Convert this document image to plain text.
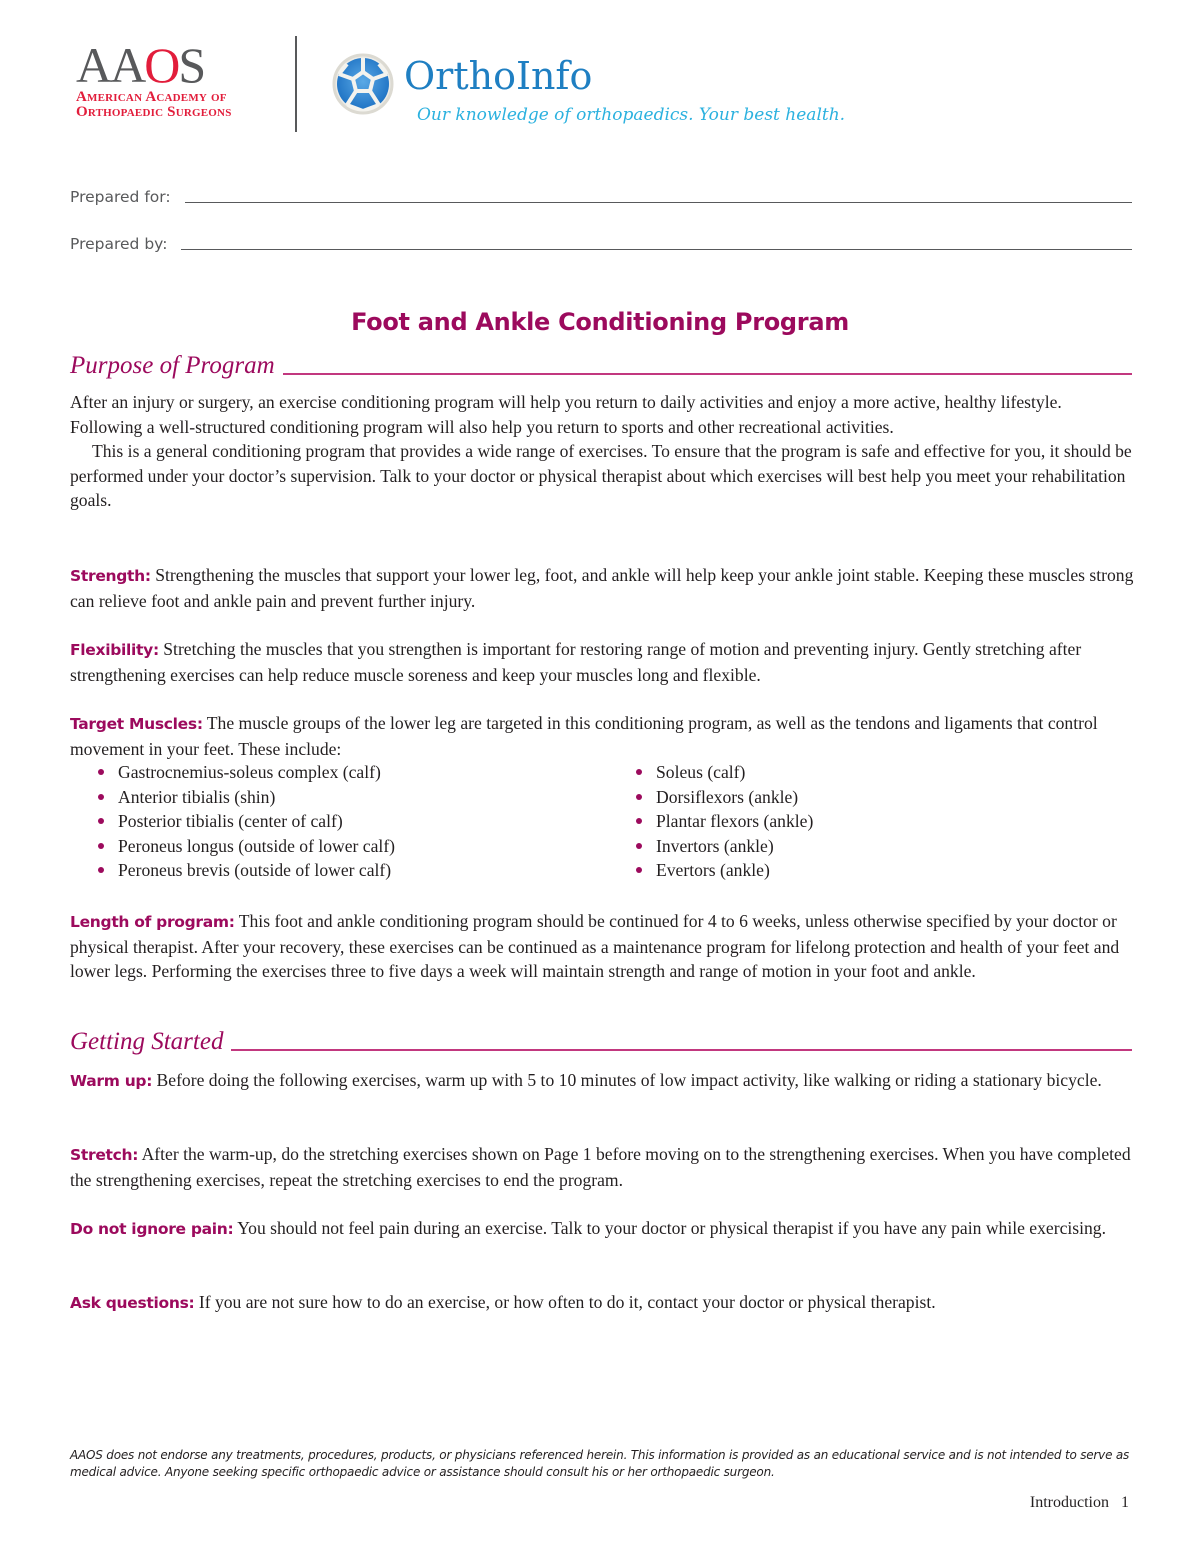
AAOS
American Academy of
Orthopaedic Surgeons
OrthoInfo
Our knowledge of orthopaedics. Your best health.
Prepared for:
Prepared by:
Foot and Ankle Conditioning Program
Purpose of Program

After an injury or surgery, an exercise conditioning program will help you return to daily activities and enjoy a more active, healthy lifestyle. Following a well-structured conditioning program will also help you return to sports and other recreational activities.

This is a general conditioning program that provides a wide range of exercises. To ensure that the program is safe and effective for you, it should be performed under your doctor’s supervision. Talk to your doctor or physical therapist about which exercises will best help you meet your rehabilitation goals.

Strength: Strengthening the muscles that support your lower leg, foot, and ankle will help keep your ankle joint stable. Keeping these muscles strong can relieve foot and ankle pain and prevent further injury.

Flexibility: Stretching the muscles that you strengthen is important for restoring range of motion and preventing injury. Gently stretching after strengthening exercises can help reduce muscle soreness and keep your muscles long and flexible.

Target Muscles: The muscle groups of the lower leg are targeted in this conditioning program, as well as the tendons and ligaments that control movement in your feet. These include:

Gastrocnemius-soleus complex (calf)
Anterior tibialis (shin)
Posterior tibialis (center of calf)
Peroneus longus (outside of lower calf)
Peroneus brevis (outside of lower calf)
Soleus (calf)
Dorsiflexors (ankle)
Plantar flexors (ankle)
Invertors (ankle)
Evertors (ankle)

Length of program: This foot and ankle conditioning program should be continued for 4 to 6 weeks, unless otherwise specified by your doctor or physical therapist. After your recovery, these exercises can be continued as a maintenance program for lifelong protection and health of your feet and lower legs. Performing the exercises three to five days a week will maintain strength and range of motion in your foot and ankle.

Getting Started

Warm up: Before doing the following exercises, warm up with 5 to 10 minutes of low impact activity, like walking or riding a stationary bicycle.

Stretch: After the warm-up, do the stretching exercises shown on Page 1 before moving on to the strengthening exercises. When you have completed the strengthening exercises, repeat the stretching exercises to end the program.

Do not ignore pain: You should not feel pain during an exercise. Talk to your doctor or physical therapist if you have any pain while exercising.

Ask questions: If you are not sure how to do an exercise, or how often to do it, contact your doctor or physical therapist.

AAOS does not endorse any treatments, procedures, products, or physicians referenced herein. This information is provided as an educational service and is not intended to serve as medical advice. Anyone seeking specific orthopaedic advice or assistance should consult his or her orthopaedic surgeon.
Introduction 1
